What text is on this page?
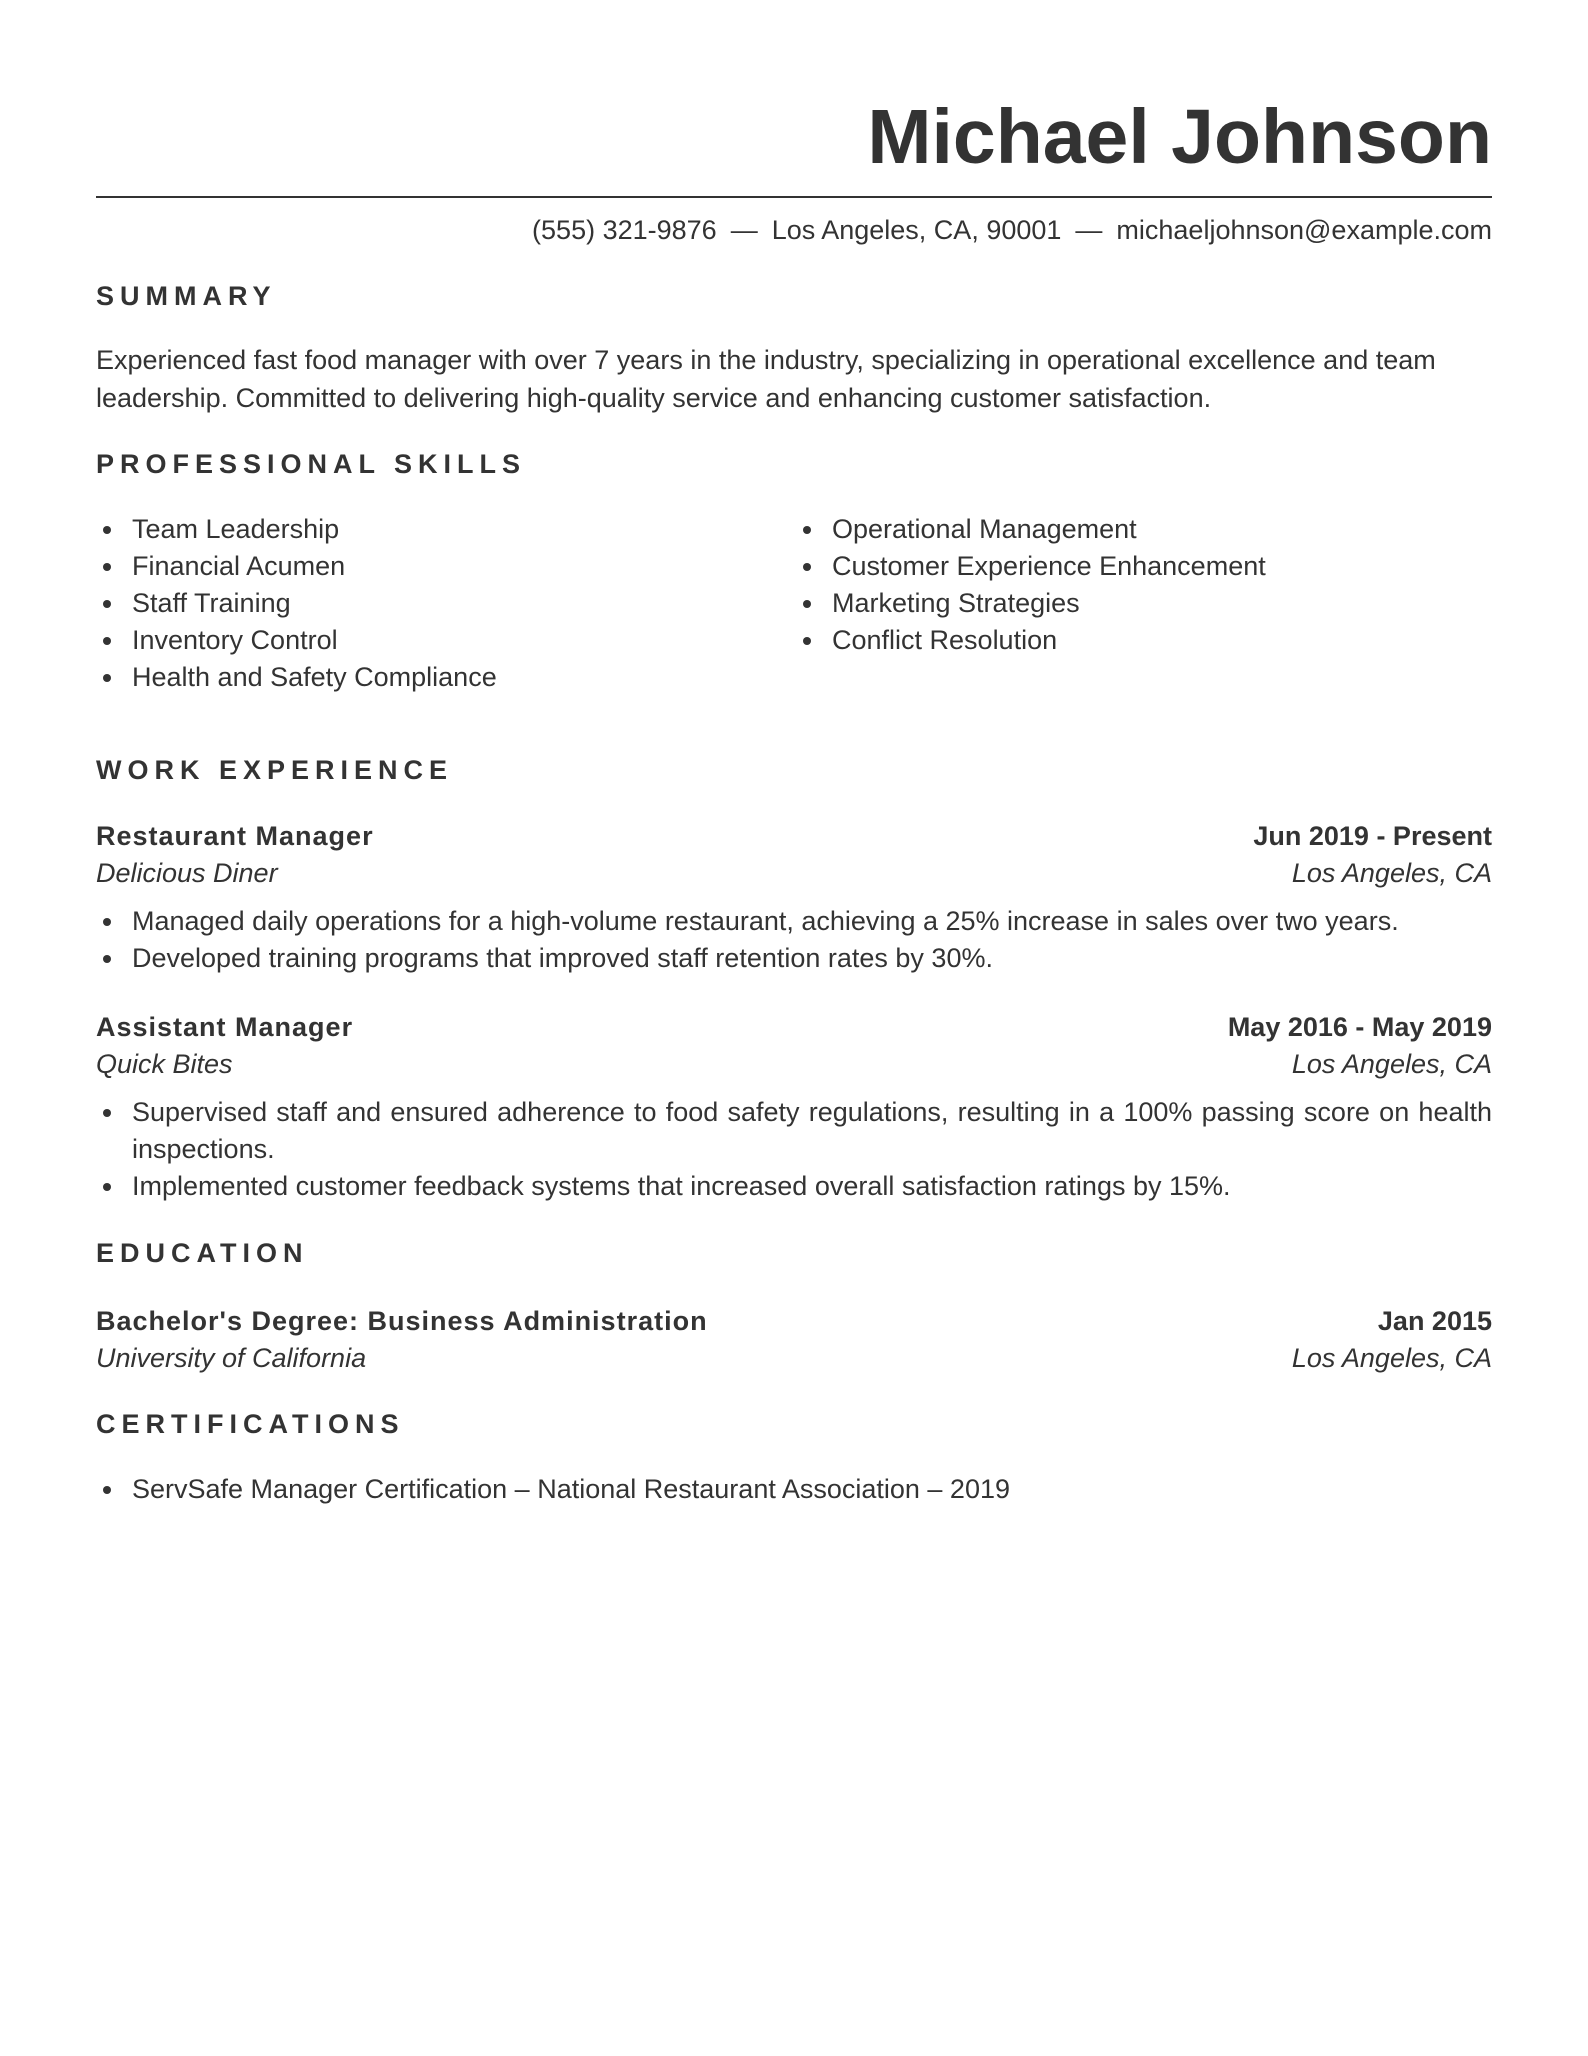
Michael Johnson
(555) 321-9876 — Los Angeles, CA, 90001 — michaeljohnson@example.com
SUMMARY
Experienced fast food manager with over 7 years in the industry, specializing in operational excellence and team leadership. Committed to delivering high-quality service and enhancing customer satisfaction.
PROFESSIONAL SKILLS
Team Leadership
Financial Acumen
Staff Training
Inventory Control
Health and Safety Compliance
Operational Management
Customer Experience Enhancement
Marketing Strategies
Conflict Resolution
WORK EXPERIENCE
Restaurant Manager	Jun 2019 - Present
Delicious Diner	Los Angeles, CA
Managed daily operations for a high-volume restaurant, achieving a 25% increase in sales over two years.
Developed training programs that improved staff retention rates by 30%.
Assistant Manager	May 2016 - May 2019
Quick Bites	Los Angeles, CA
Supervised staff and ensured adherence to food safety regulations, resulting in a 100% passing score on health inspections.
Implemented customer feedback systems that increased overall satisfaction ratings by 15%.
EDUCATION
Bachelor's Degree: Business Administration	Jan 2015
University of California	Los Angeles, CA
CERTIFICATIONS
ServSafe Manager Certification – National Restaurant Association – 2019
